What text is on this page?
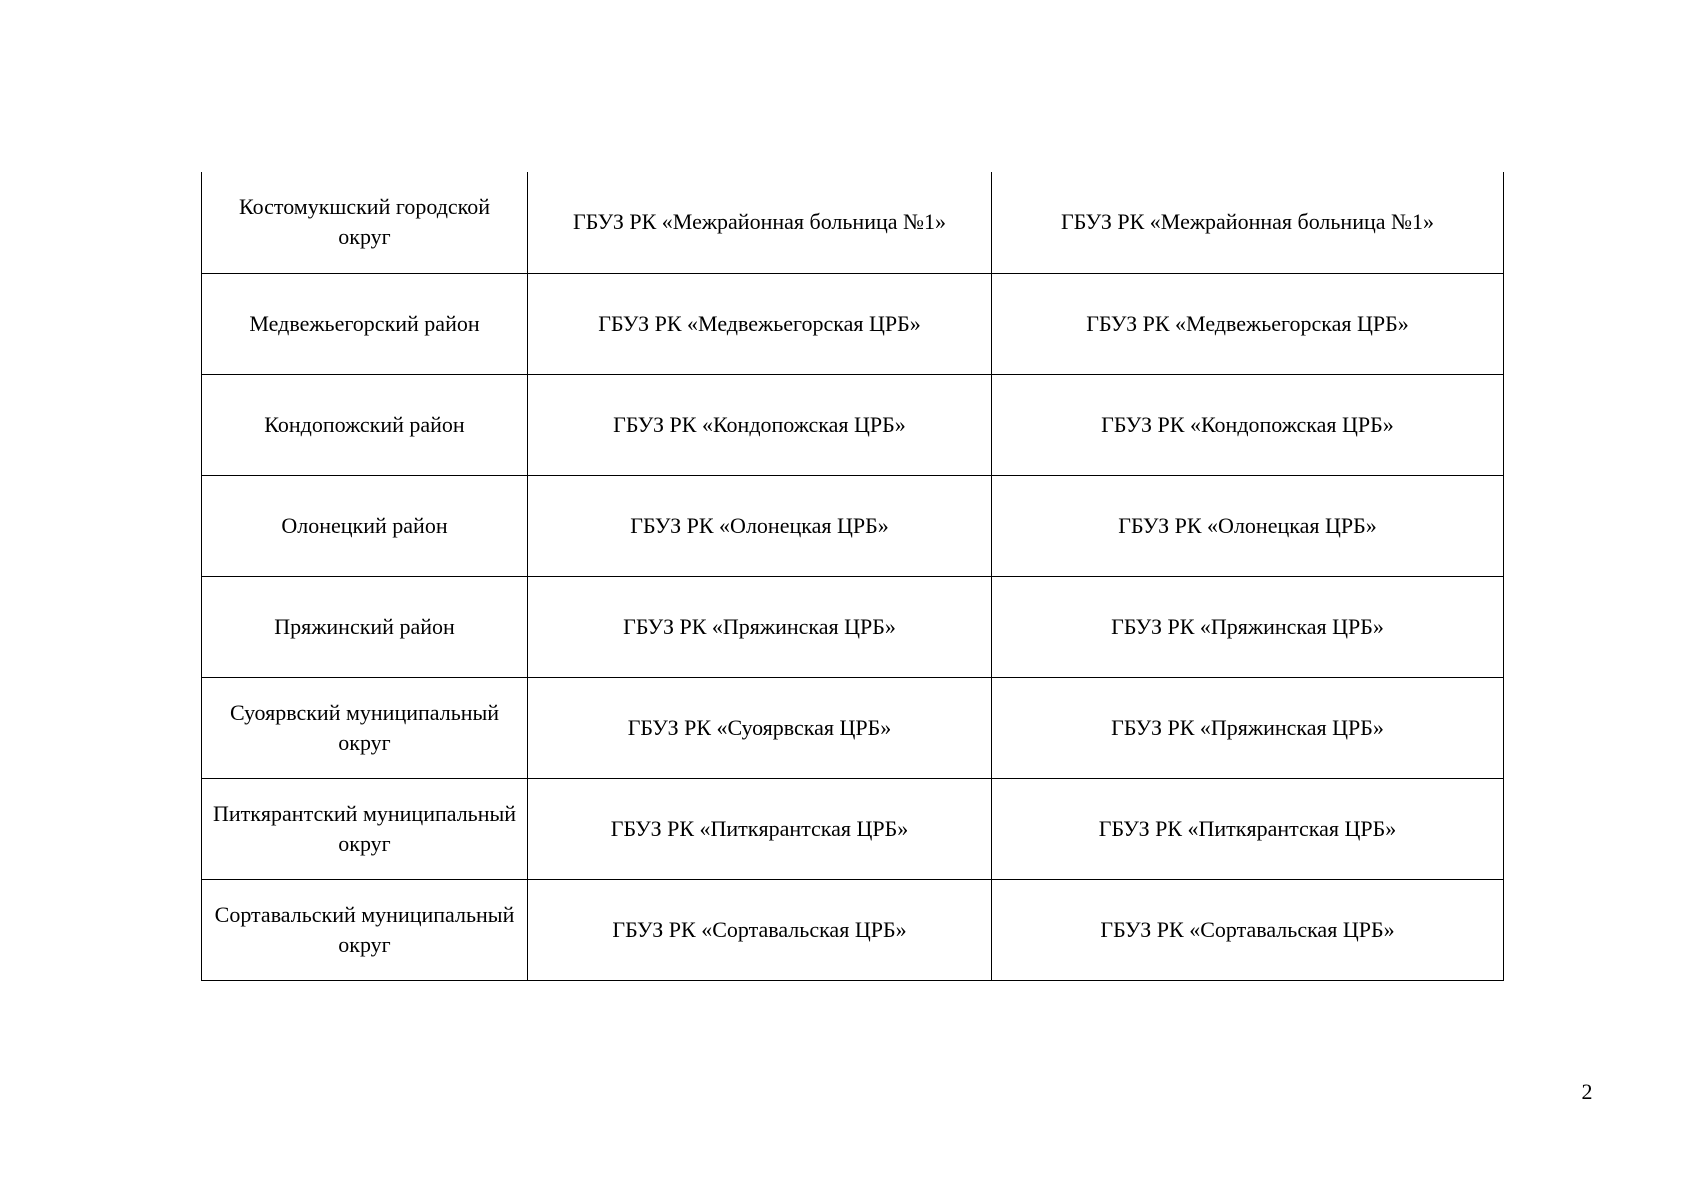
Костомукшский городской округ	ГБУЗ РК «Межрайонная больница №1»	ГБУЗ РК «Межрайонная больница №1»
Медвежьегорский район	ГБУЗ РК «Медвежьегорская ЦРБ»	ГБУЗ РК «Медвежьегорская ЦРБ»
Кондопожский район	ГБУЗ РК «Кондопожская ЦРБ»	ГБУЗ РК «Кондопожская ЦРБ»
Олонецкий район	ГБУЗ РК «Олонецкая ЦРБ»	ГБУЗ РК «Олонецкая ЦРБ»
Пряжинский район	ГБУЗ РК «Пряжинская ЦРБ»	ГБУЗ РК «Пряжинская ЦРБ»
Суоярвский муниципальный округ	ГБУЗ РК «Суоярвская ЦРБ»	ГБУЗ РК «Пряжинская ЦРБ»
Питкярантский муниципальный округ	ГБУЗ РК «Питкярантская ЦРБ»	ГБУЗ РК «Питкярантская ЦРБ»
Сортавальский муниципальный округ	ГБУЗ РК «Сортавальская ЦРБ»	ГБУЗ РК «Сортавальская ЦРБ»
2
